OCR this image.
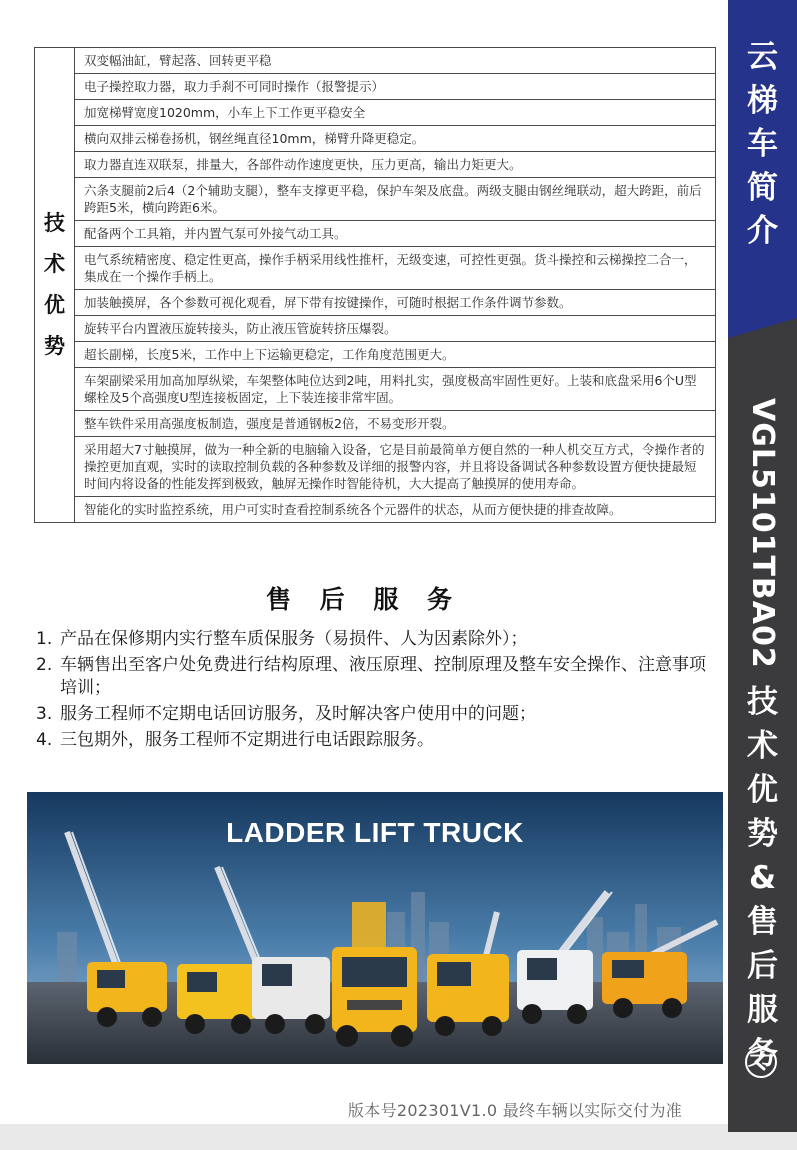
技
术
优
势
	双变幅油缸，臂起落、回转更平稳
电子操控取力器，取力手刹不可同时操作（报警提示）
加宽梯臂宽度1020mm，小车上下工作更平稳安全
横向双排云梯卷扬机，钢丝绳直径10mm，梯臂升降更稳定。
取力器直连双联泵，排量大，各部件动作速度更快，压力更高，输出力矩更大。
六条支腿前2后4（2个辅助支腿），整车支撑更平稳，保护车架及底盘。两级支腿由钢丝绳联动，超大跨距，前后跨距5米，横向跨距6米。
配备两个工具箱，并内置气泵可外接气动工具。
电气系统精密度、稳定性更高，操作手柄采用线性推杆，无级变速，可控性更强。货斗操控和云梯操控二合一，集成在一个操作手柄上。
加装触摸屏，各个参数可视化观看，屏下带有按键操作，可随时根据工作条件调节参数。
旋转平台内置液压旋转接头，防止液压管旋转挤压爆裂。
超长副梯，长度5米，工作中上下运输更稳定，工作角度范围更大。
车架副梁采用加高加厚纵梁，车架整体吨位达到2吨，用料扎实，强度极高牢固性更好。上装和底盘采用6个U型螺栓及5个高强度U型连接板固定，上下装连接非常牢固。
整车铁件采用高强度板制造，强度是普通钢板2倍，不易变形开裂。
采用超大7寸触摸屏，做为一种全新的电脑输入设备，它是目前最简单方便自然的一种人机交互方式，令操作者的操控更加直观，实时的读取控制负载的各种参数及详细的报警内容，并且将设备调试各种参数设置方便快捷最短时间内将设备的性能发挥到极致，触屏无操作时智能待机，大大提高了触摸屏的使用寿命。
智能化的实时监控系统，用户可实时查看控制系统各个元器件的状态，从而方便快捷的排查故障。
售 后 服 务
1. 产品在保修期内实行整车质保服务（易损件、人为因素除外）；
2. 车辆售出至客户处免费进行结构原理、液压原理、控制原理及整车安全操作、注意事项培训；
3. 服务工程师不定期电话回访服务，及时解决客户使用中的问题；
4. 三包期外，服务工程师不定期进行电话跟踪服务。
LADDER LIFT TRUCK
版本号202301V1.0 最终车辆以实际交付为准
云
梯
车
简
介
VGL5101TBA02
技
术
优
势
&
售
后
服
务
